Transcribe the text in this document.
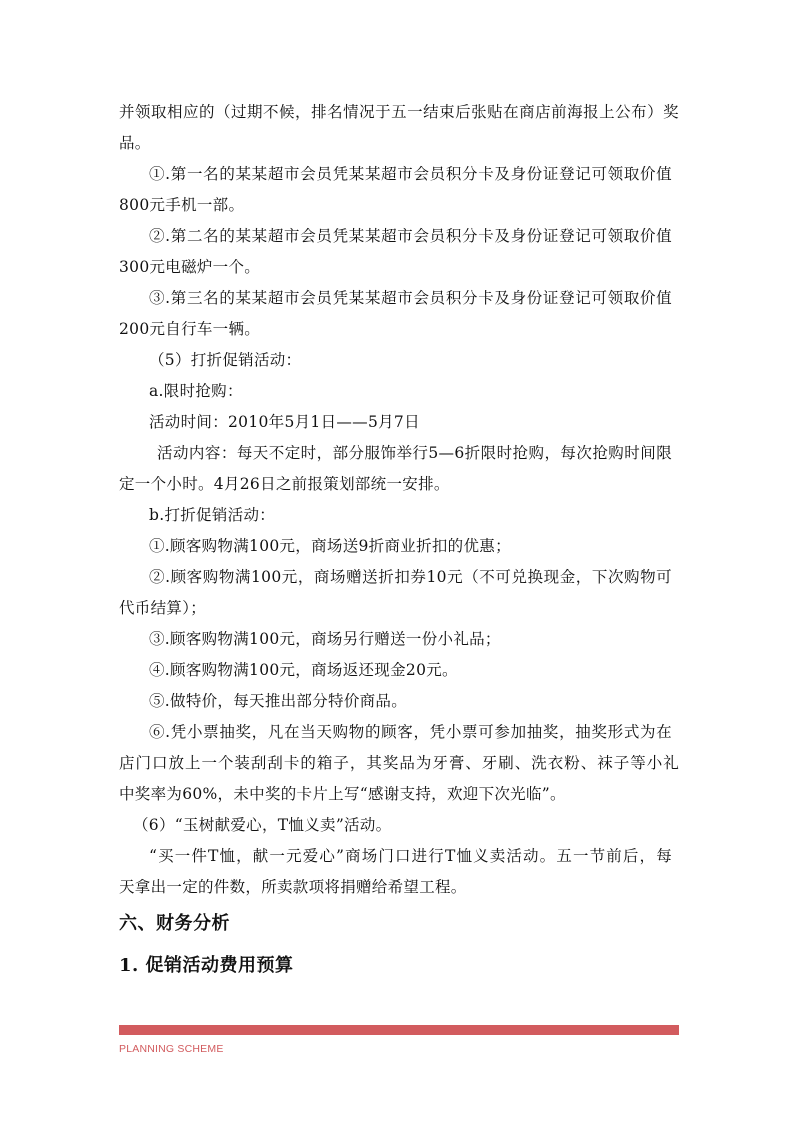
并领取相应的（过期不候，排名情况于五一结束后张贴在商店前海报上公布）奖
品。
①.第一名的某某超市会员凭某某超市会员积分卡及身份证登记可领取价值
800元手机一部。
②.第二名的某某超市会员凭某某超市会员积分卡及身份证登记可领取价值
300元电磁炉一个。
③.第三名的某某超市会员凭某某超市会员积分卡及身份证登记可领取价值
200元自行车一辆。
（5）打折促销活动：
a.限时抢购：
活动时间：2010年5月1日——5月7日
活动内容：每天不定时，部分服饰举行5—6折限时抢购，每次抢购时间限
定一个小时。4月26日之前报策划部统一安排。
b.打折促销活动：
①.顾客购物满100元，商场送9折商业折扣的优惠；
②.顾客购物满100元，商场赠送折扣券10元（不可兑换现金，下次购物可
代币结算）；
③.顾客购物满100元，商场另行赠送一份小礼品；
④.顾客购物满100元，商场返还现金20元。
⑤.做特价，每天推出部分特价商品。
⑥.凭小票抽奖，凡在当天购物的顾客，凭小票可参加抽奖，抽奖形式为在
店门口放上一个装刮刮卡的箱子，其奖品为牙膏、牙刷、洗衣粉、袜子等小礼
中奖率为60%，未中奖的卡片上写“感谢支持，欢迎下次光临”。
（6）“玉树献爱心，T恤义卖”活动。
“买一件T恤，献一元爱心”商场门口进行T恤义卖活动。五一节前后，每
天拿出一定的件数，所卖款项将捐赠给希望工程。
六、财务分析
1. 促销活动费用预算
PLANNING SCHEME
